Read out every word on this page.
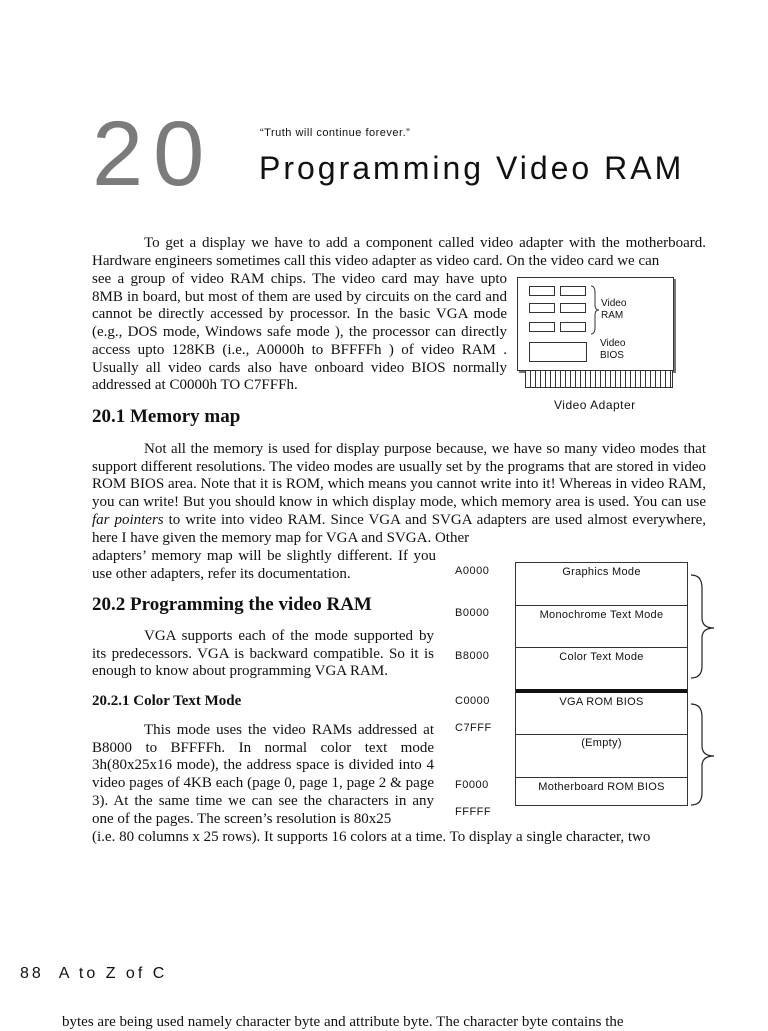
20	“Truth will continue forever.”
Programming Video RAM

To get a display we have to add a component called video adapter with the motherboard. Hardware engineers sometimes call this video adapter as video card. On the video card we can

see a group of video RAM chips. The video card may have upto 8MB in board, but most of them are used by circuits on the card and cannot be directly accessed by processor. In the basic VGA mode (e.g., DOS mode, Windows safe mode ), the processor can directly access upto 128KB (i.e., A0000h to BFFFFh ) of video RAM . Usually all video cards also have onboard video BIOS normally addressed at C0000h TO C7FFFh.

Video RAM
Video BIOS
Video Adapter
20.1 Memory map

Not all the memory is used for display purpose because, we have so many video modes that support different resolutions. The video modes are usually set by the programs that are stored in video ROM BIOS area. Note that it is ROM, which means you cannot write into it! Whereas in video RAM, you can write! But you should know in which display mode, which memory area is used. You can use far pointers to write into video RAM. Since VGA and SVGA adapters are used almost everywhere, here I have given the memory map for VGA and SVGA. Other

adapters’ memory map will be slightly different. If you use other adapters, refer its documentation.	A0000
B0000
B8000
C0000
C7FFF
F0000
FFFFF
Graphics Mode
Monochrome Text Mode
Color Text Mode
VGA ROM BIOS
(Empty)
Motherboard ROM BIOS
20.2 Programming the video RAM

VGA supports each of the mode supported by its predecessors. VGA is backward compatible. So it is enough to know about programming VGA RAM.

20.2.1 Color Text Mode

This mode uses the video RAMs addressed at B8000 to BFFFFh. In normal color text mode 3h(80x25x16 mode), the address space is divided into 4 video pages of 4KB each (page 0, page 1, page 2 & page 3). At the same time we can see the characters in any one of the pages. The screen’s resolution is 80x25

(i.e. 80 columns x 25 rows). It supports 16 colors at a time. To display a single character, two

88 A to Z of C
bytes are being used namely character byte and attribute byte. The character byte contains the
